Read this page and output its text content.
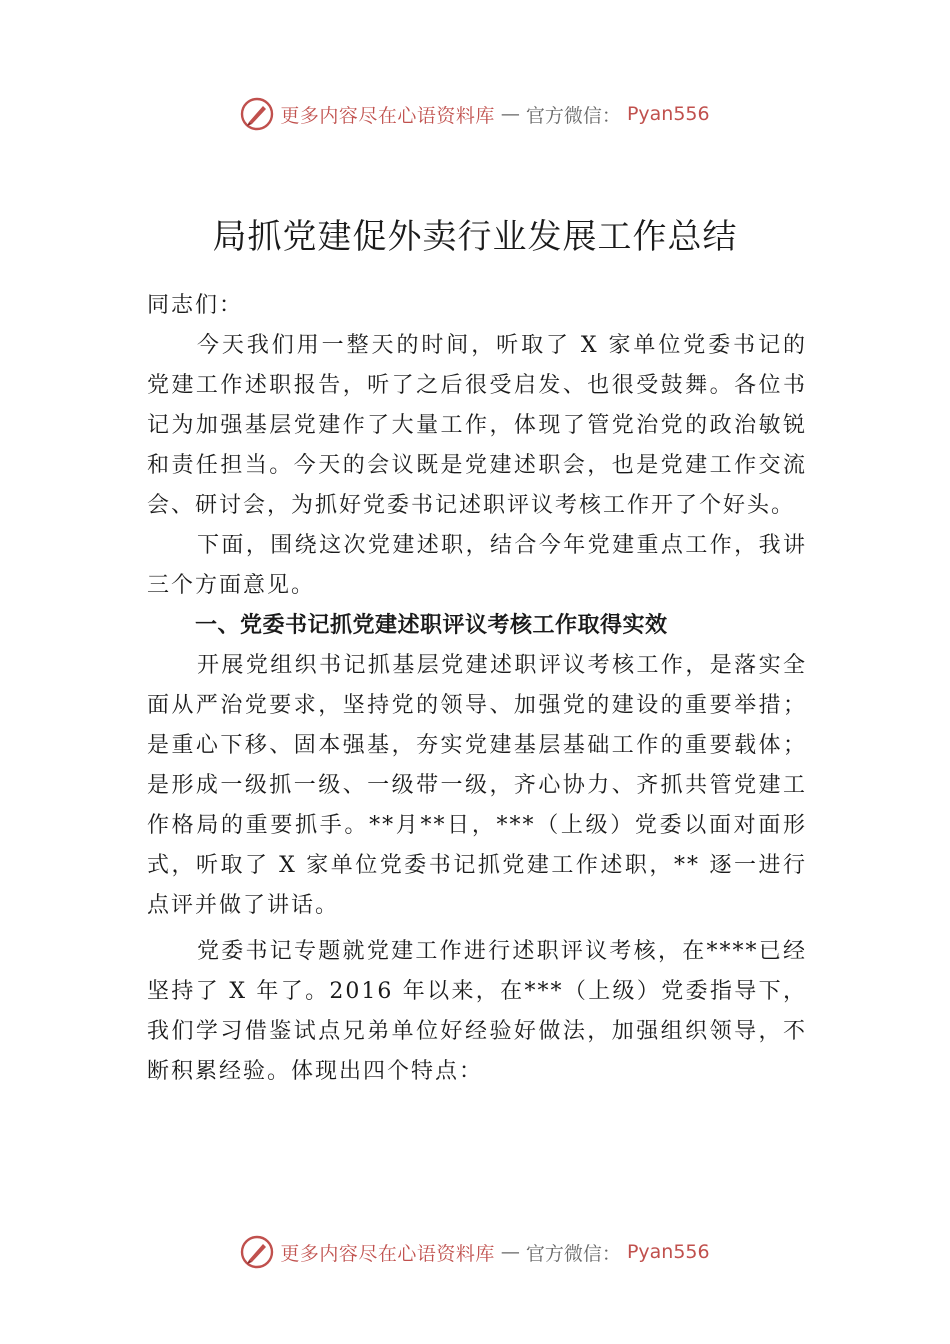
更多内容尽在心语资料库 — 官方微信： Pyan556
局抓党建促外卖行业发展工作总结

同志们：

今天我们用一整天的时间，听取了 X 家单位党委书记的党建工作述职报告，听了之后很受启发、也很受鼓舞。各位书记为加强基层党建作了大量工作，体现了管党治党的政治敏锐和责任担当。今天的会议既是党建述职会，也是党建工作交流会、研讨会，为抓好党委书记述职评议考核工作开了个好头。

下面，围绕这次党建述职，结合今年党建重点工作，我讲三个方面意见。

一、党委书记抓党建述职评议考核工作取得实效

开展党组织书记抓基层党建述职评议考核工作，是落实全面从严治党要求，坚持党的领导、加强党的建设的重要举措；是重心下移、固本强基，夯实党建基层基础工作的重要载体；是形成一级抓一级、一级带一级，齐心协力、齐抓共管党建工作格局的重要抓手。**月**日，***（上级）党委以面对面形式，听取了 X 家单位党委书记抓党建工作述职，** 逐一进行点评并做了讲话。

党委书记专题就党建工作进行述职评议考核，在****已经坚持了 X 年了。2016 年以来，在***（上级）党委指导下，我们学习借鉴试点兄弟单位好经验好做法，加强组织领导，不断积累经验。体现出四个特点：

更多内容尽在心语资料库 — 官方微信： Pyan556
